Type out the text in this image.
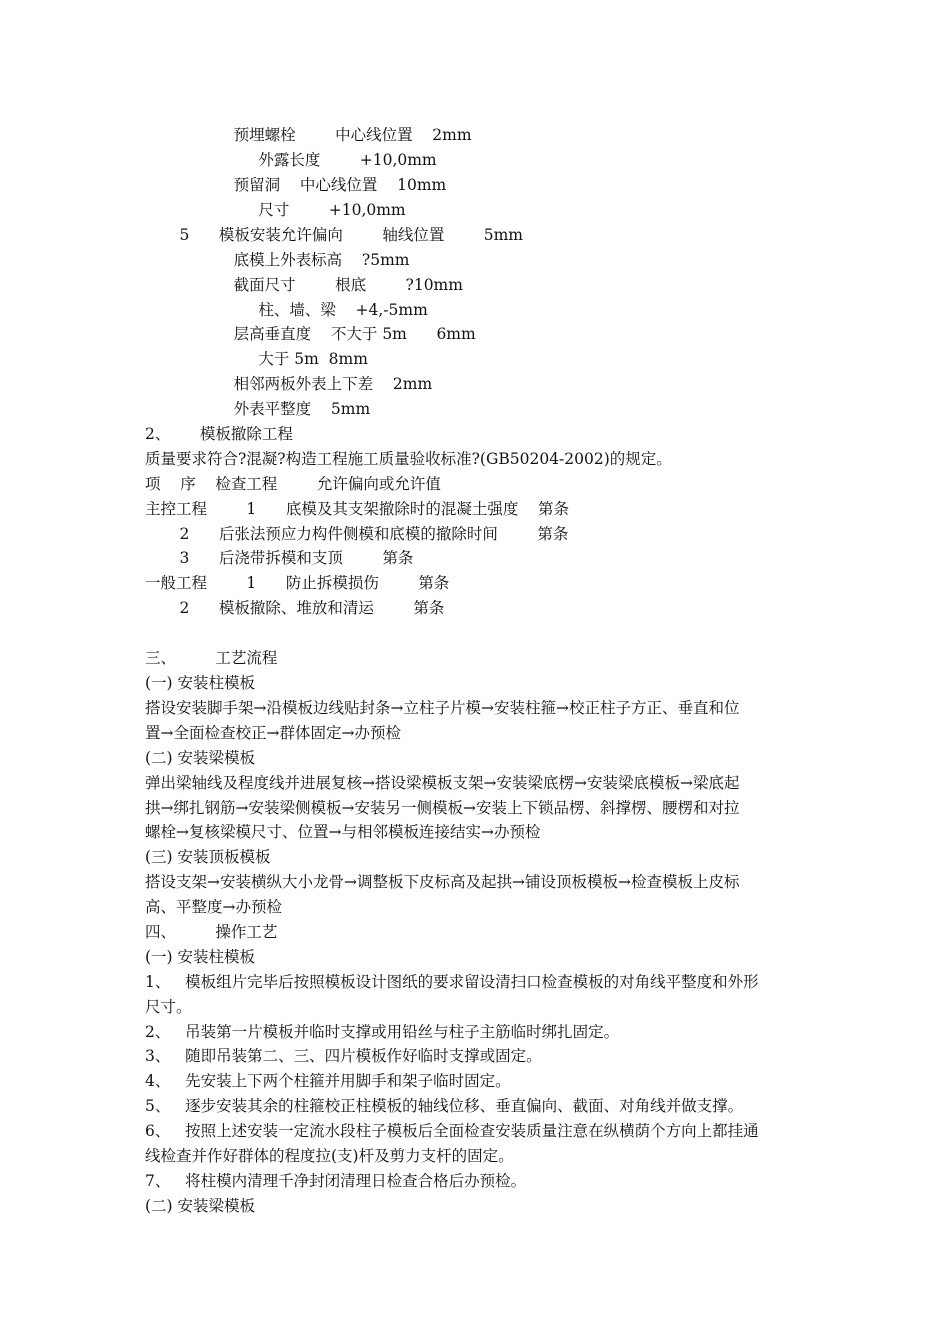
预埋螺栓        中心线位置    2mm
外露长度        +10,0mm
预留洞    中心线位置    10mm
尺寸        +10,0mm
5      模板安装允许偏向        轴线位置        5mm
底模上外表标高    ?5mm
截面尺寸        根底        ?10mm
柱、墙、梁    +4,-5mm
层高垂直度    不大于 5m      6mm
大于 5m  8mm
相邻两板外表上下差    2mm
外表平整度    5mm
2、      模板撤除工程
质量要求符合?混凝?构造工程施工质量验收标准?(GB50204-2002)的规定。
项    序    检查工程        允许偏向或允许值
主控工程        1      底模及其支架撤除时的混凝土强度    第条
2      后张法预应力构件侧模和底模的撤除时间        第条
3      后浇带拆模和支顶        第条
一般工程        1      防止拆模损伤        第条
2      模板撤除、堆放和清运        第条
三、        工艺流程
(一) 安装柱模板
搭设安装脚手架→沿模板边线贴封条→立柱子片模→安装柱箍→校正柱子方正、垂直和位
置→全面检查校正→群体固定→办预检
(二) 安装梁模板
弹出梁轴线及程度线并进展复核→搭设梁模板支架→安装梁底楞→安装梁底模板→梁底起
拱→绑扎钢筋→安装梁侧模板→安装另一侧模板→安装上下锁品楞、斜撑楞、腰楞和对拉
螺栓→复核梁模尺寸、位置→与相邻模板连接结实→办预检
(三) 安装顶板模板
搭设支架→安装横纵大小龙骨→调整板下皮标高及起拱→铺设顶板模板→检查模板上皮标
高、平整度→办预检
四、        操作工艺
(一) 安装柱模板
1、   模板组片完毕后按照模板设计图纸的要求留设清扫口检查模板的对角线平整度和外形
尺寸。
2、   吊装第一片模板并临时支撑或用铅丝与柱子主筋临时绑扎固定。
3、   随即吊装第二、三、四片模板作好临时支撑或固定。
4、   先安装上下两个柱箍并用脚手和架子临时固定。
5、   逐步安装其余的柱箍校正柱模板的轴线位移、垂直偏向、截面、对角线并做支撑。
6、   按照上述安装一定流水段柱子模板后全面检查安装质量注意在纵横荫个方向上都挂通
线检查并作好群体的程度拉(支)杆及剪力支杆的固定。
7、   将柱模内清理千净封闭清理日检查合格后办预检。
(二) 安装梁模板
